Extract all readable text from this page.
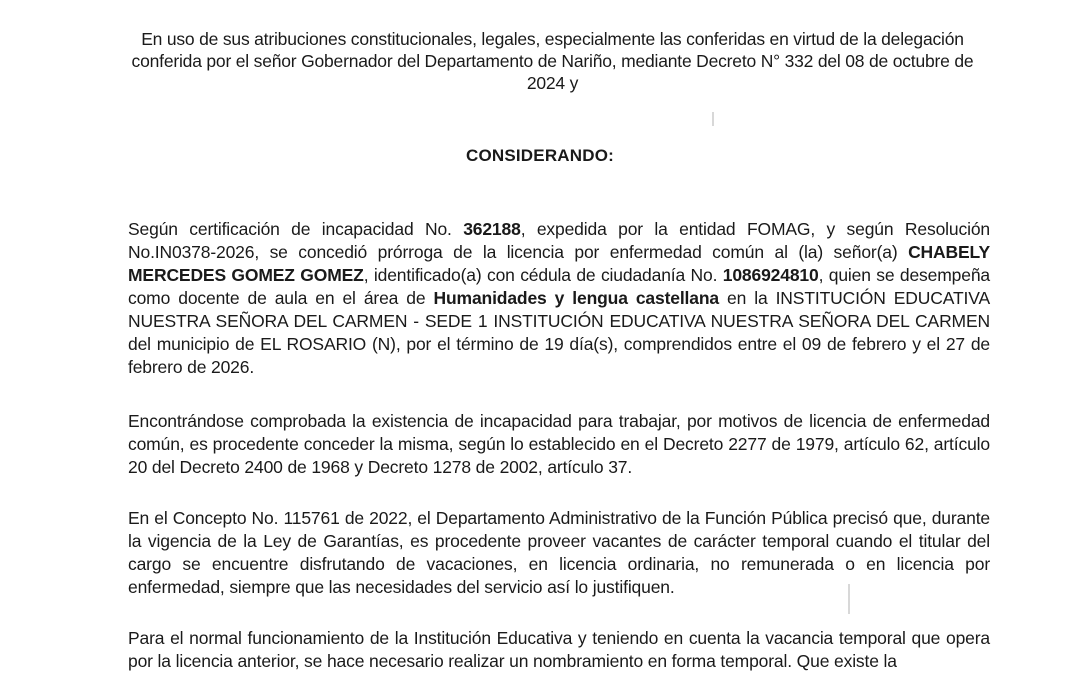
En uso de sus atribuciones constitucionales, legales, especialmente las conferidas en virtud de la delegación conferida por el señor Gobernador del Departamento de Nariño, mediante Decreto N° 332 del 08 de octubre de 2024 y
CONSIDERANDO:
Según certificación de incapacidad No. 362188, expedida por la entidad FOMAG, y según Resolución No.IN0378-2026, se concedió prórroga de la licencia por enfermedad común al (la) señor(a) CHABELY MERCEDES GOMEZ GOMEZ, identificado(a) con cédula de ciudadanía No. 1086924810, quien se desempeña como docente de aula en el área de Humanidades y lengua castellana en la INSTITUCIÓN EDUCATIVA NUESTRA SEÑORA DEL CARMEN - SEDE 1 INSTITUCIÓN EDUCATIVA NUESTRA SEÑORA DEL CARMEN del municipio de EL ROSARIO (N), por el término de 19 día(s), comprendidos entre el 09 de febrero y el 27 de febrero de 2026.
Encontrándose comprobada la existencia de incapacidad para trabajar, por motivos de licencia de enfermedad común, es procedente conceder la misma, según lo establecido en el Decreto 2277 de 1979, artículo 62, artículo 20 del Decreto 2400 de 1968 y Decreto 1278 de 2002, artículo 37.
En el Concepto No. 115761 de 2022, el Departamento Administrativo de la Función Pública precisó que, durante la vigencia de la Ley de Garantías, es procedente proveer vacantes de carácter temporal cuando el titular del cargo se encuentre disfrutando de vacaciones, en licencia ordinaria, no remunerada o en licencia por enfermedad, siempre que las necesidades del servicio así lo justifiquen.
Para el normal funcionamiento de la Institución Educativa y teniendo en cuenta la vacancia temporal que opera por la licencia anterior, se hace necesario realizar un nombramiento en forma temporal. Que existe la
